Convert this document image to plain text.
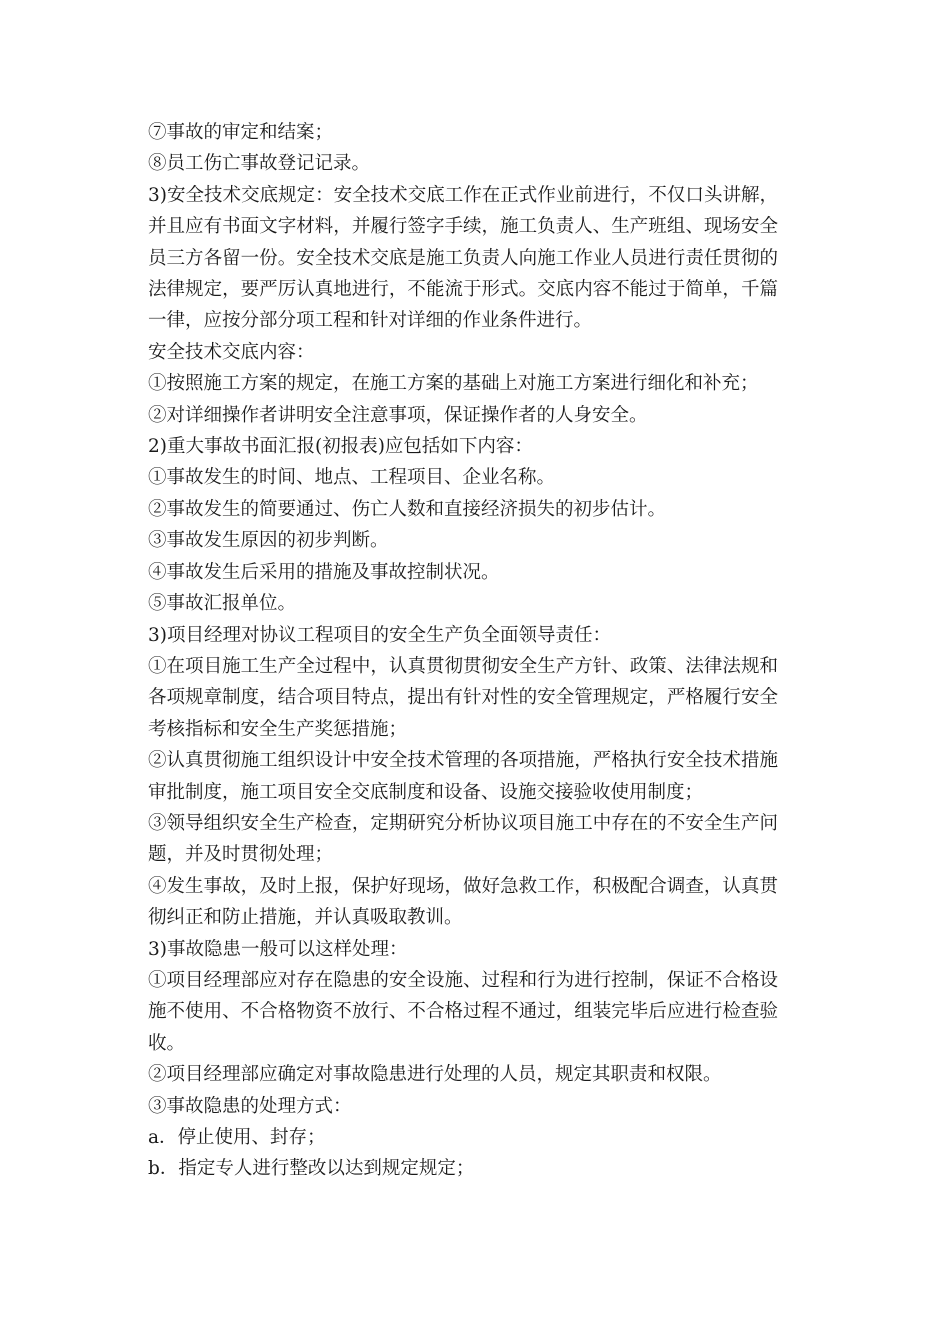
⑦事故的审定和结案；

⑧员工伤亡事故登记记录。

3)安全技术交底规定：安全技术交底工作在正式作业前进行，不仅口头讲解，并且应有书面文字材料，并履行签字手续，施工负责人、生产班组、现场安全员三方各留一份。安全技术交底是施工负责人向施工作业人员进行责任贯彻的法律规定，要严厉认真地进行，不能流于形式。交底内容不能过于简单，千篇一律，应按分部分项工程和针对详细的作业条件进行。

安全技术交底内容：

①按照施工方案的规定，在施工方案的基础上对施工方案进行细化和补充；

②对详细操作者讲明安全注意事项，保证操作者的人身安全。

2)重大事故书面汇报(初报表)应包括如下内容：

①事故发生的时间、地点、工程项目、企业名称。

②事故发生的简要通过、伤亡人数和直接经济损失的初步估计。

③事故发生原因的初步判断。

④事故发生后采用的措施及事故控制状况。

⑤事故汇报单位。

3)项目经理对协议工程项目的安全生产负全面领导责任：

①在项目施工生产全过程中，认真贯彻贯彻安全生产方针、政策、法律法规和各项规章制度，结合项目特点，提出有针对性的安全管理规定，严格履行安全考核指标和安全生产奖惩措施；

②认真贯彻施工组织设计中安全技术管理的各项措施，严格执行安全技术措施审批制度，施工项目安全交底制度和设备、设施交接验收使用制度；

③领导组织安全生产检查，定期研究分析协议项目施工中存在的不安全生产问题，并及时贯彻处理；

④发生事故，及时上报，保护好现场，做好急救工作，积极配合调查，认真贯彻纠正和防止措施，并认真吸取教训。

3)事故隐患一般可以这样处理：

①项目经理部应对存在隐患的安全设施、过程和行为进行控制，保证不合格设施不使用、不合格物资不放行、不合格过程不通过，组装完毕后应进行检查验收。

②项目经理部应确定对事故隐患进行处理的人员，规定其职责和权限。

③事故隐患的处理方式：

a．停止使用、封存；

b．指定专人进行整改以达到规定规定；
